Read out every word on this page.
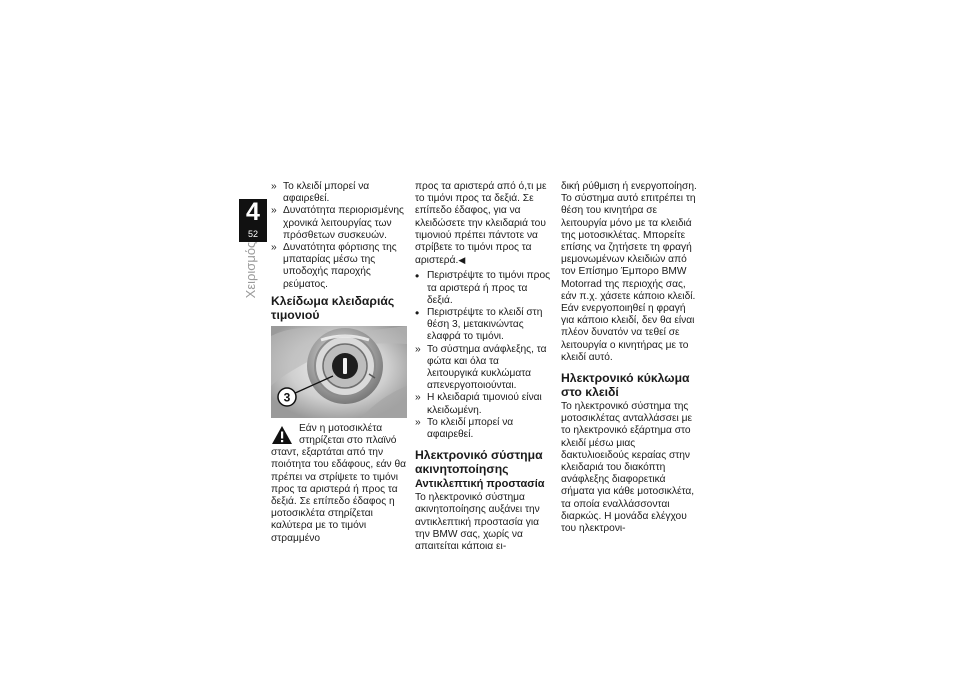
4
52
Χειρισμός

» Το κλειδί μπορεί να αφαιρεθεί.

» Δυνατότητα περιορισμένης χρονικά λειτουργίας των πρόσθετων συσκευών.

» Δυνατότητα φόρτισης της μπαταρίας μέσω της υποδοχής παροχής ρεύματος.

Κλείδωμα κλειδαριάς τιμονιού
3

Εάν η μοτοσικλέτα στηρίζεται στο πλαϊνό σταντ, εξαρτάται από την ποιότητα του εδάφους, εάν θα πρέπει να στρίψετε το τιμόνι προς τα αριστερά ή προς τα δεξιά. Σε επίπεδο έδαφος η μοτοσικλέτα στηρίζεται καλύτερα με το τιμόνι στραμμένο

προς τα αριστερά από ό,τι με το τιμόνι προς τα δεξιά. Σε επίπεδο έδαφος, για να κλειδώσετε την κλειδαριά του τιμονιού πρέπει πάντοτε να στρίβετε το τιμόνι προς τα αριστερά.◀

• Περιστρέψτε το τιμόνι προς τα αριστερά ή προς τα δεξιά.

• Περιστρέψτε το κλειδί στη θέση 3, μετακινώντας ελαφρά το τιμόνι.

» Το σύστημα ανάφλεξης, τα φώτα και όλα τα λειτουργικά κυκλώματα απενεργοποιούνται.

» Η κλειδαριά τιμονιού είναι κλειδωμένη.

» Το κλειδί μπορεί να αφαιρεθεί.

Ηλεκτρονικό σύστημα ακινητοποίησης
Αντικλεπτική προστασία

Το ηλεκτρονικό σύστημα ακινητοποίησης αυξάνει την αντικλεπτική προστασία για την BMW σας, χωρίς να απαιτείται κάποια ει-

δική ρύθμιση ή ενεργοποίηση. Το σύστημα αυτό επιτρέπει τη θέση του κινητήρα σε λειτουργία μόνο με τα κλειδιά της μοτοσικλέτας. Μπορείτε επίσης να ζητήσετε τη φραγή μεμονωμένων κλειδιών από τον Επίσημο Έμπορο BMW Motorrad της περιοχής σας, εάν π.χ. χάσετε κάποιο κλειδί. Εάν ενεργοποιηθεί η φραγή για κάποιο κλειδί, δεν θα είναι πλέον δυνατόν να τεθεί σε λειτουργία ο κινητήρας με το κλειδί αυτό.

Ηλεκτρονικό κύκλωμα στο κλειδί

Το ηλεκτρονικό σύστημα της μοτοσικλέτας ανταλλάσσει με το ηλεκτρονικό εξάρτημα στο κλειδί μέσω μιας δακτυλιοειδούς κεραίας στην κλειδαριά του διακόπτη ανάφλεξης διαφορετικά σήματα για κάθε μοτοσικλέτα, τα οποία εναλλάσσονται διαρκώς. Η μονάδα ελέγχου του ηλεκτρονι-
